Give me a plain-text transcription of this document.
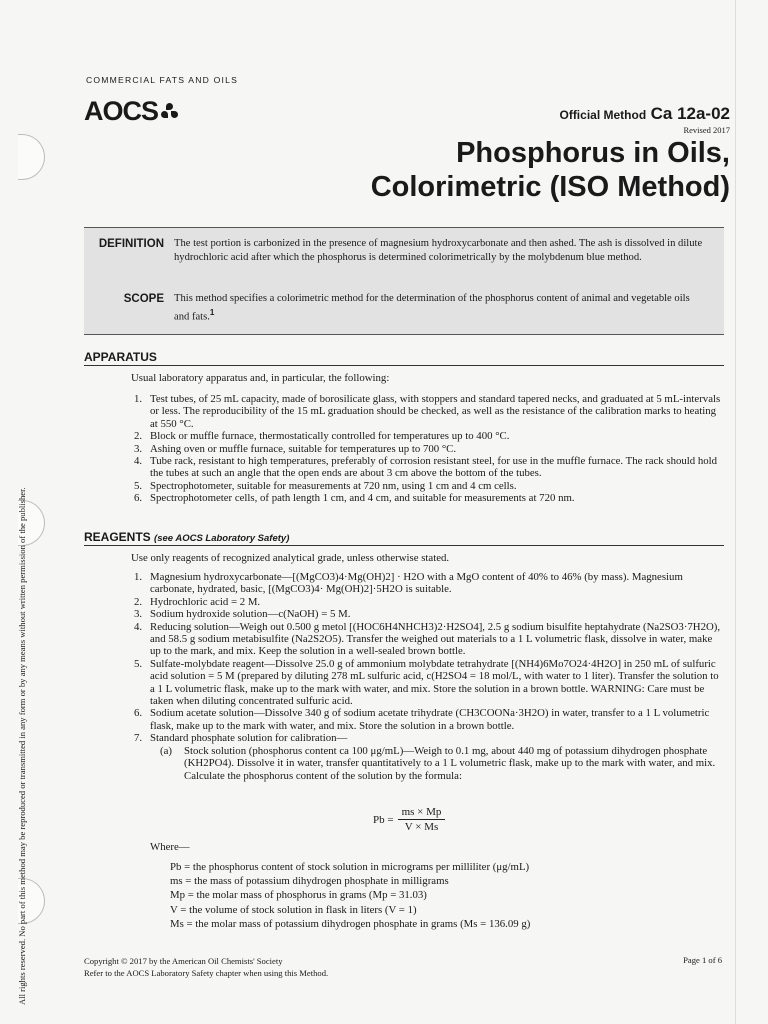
All rights reserved. No part of this method may be reproduced or transmitted in any form or by any means without written permission of the publisher.
COMMERCIAL FATS AND OILS
AOCS	Official Method Ca 12a-02
Revised 2017
Phosphorus in Oils,
Colorimetric (ISO Method)
DEFINITION The test portion is carbonized in the presence of magnesium hydroxycarbonate and then ashed. The ash is dissolved in dilute hydrochloric acid after which the phosphorus is determined colorimetrically by the molybdenum blue method.
SCOPE This method specifies a colorimetric method for the determination of the phosphorus content of animal and vegetable oils and fats.$^1$
APPARATUS
Usual laboratory apparatus and, in particular, the following:
1. Test tubes, of 25 mL capacity, made of borosilicate glass, with stoppers and standard tapered necks, and graduated at 5 mL-intervals or less. The reproducibility of the 15 mL graduation should be checked, as well as the resistance of the calibration marks to heating at 550 °C.
2. Block or muffle furnace, thermostatically controlled for temperatures up to 400 °C.
3. Ashing oven or muffle furnace, suitable for temperatures up to 700 °C.
4. Tube rack, resistant to high temperatures, preferably of corrosion resistant steel, for use in the muffle furnace. The rack should hold the tubes at such an angle that the open ends are about 3 cm above the bottom of the tubes.
5. Spectrophotometer, suitable for measurements at 720 nm, using 1 cm and 4 cm cells.
6. Spectrophotometer cells, of path length 1 cm, and 4 cm, and suitable for measurements at 720 nm.
REAGENTS (see AOCS Laboratory Safety)
Use only reagents of recognized analytical grade, unless otherwise stated.
1. Magnesium hydroxycarbonate—[(MgCO3)4·Mg(OH)2] · H2O with a MgO content of 40% to 46% (by mass). Magnesium carbonate, hydrated, basic, [(MgCO3)4· Mg(OH)2]·5H2O is suitable.
2. Hydrochloric acid = 2 M.
3. Sodium hydroxide solution—c(NaOH) = 5 M.
4. Reducing solution—Weigh out 0.500 g metol [(HOC6H4NHCH3)2·H2SO4], 2.5 g sodium bisulfite heptahydrate (Na2SO3·7H2O), and 58.5 g sodium metabisulfite (Na2S2O5). Transfer the weighed out materials to a 1 L volumetric flask, dissolve in water, make up to the mark, and mix. Keep the solution in a well-sealed brown bottle.
5. Sulfate-molybdate reagent—Dissolve 25.0 g of ammonium molybdate tetrahydrate [(NH4)6Mo7O24·4H2O] in 250 mL of sulfuric acid solution = 5 M (prepared by diluting 278 mL sulfuric acid, c(H2SO4 = 18 mol/L, with water to 1 liter). Transfer the solution to a 1 L volumetric flask, make up to the mark with water, and mix. Store the solution in a brown bottle. WARNING: Care must be taken when diluting concentrated sulfuric acid.
6. Sodium acetate solution—Dissolve 340 g of sodium acetate trihydrate (CH3COONa·3H2O) in water, transfer to a 1 L volumetric flask, make up to the mark with water, and mix. Store the solution in a brown bottle.
7. Standard phosphate solution for calibration—
(a)	Stock solution (phosphorus content ca 100 μg/mL)—Weigh to 0.1 mg, about 440 mg of potassium dihydrogen phosphate (KH2PO4). Dissolve it in water, transfer quantitatively to a 1 L volumetric flask, make up to the mark with water, and mix. Calculate the phosphorus content of the solution by the formula:
$Pb = \frac{ms \times Mp}{V \times Ms}$
Where—
Pb = the phosphorus content of stock solution in micrograms per milliliter (μg/mL)
ms = the mass of potassium dihydrogen phosphate in milligrams
Mp = the molar mass of phosphorus in grams (Mp = 31.03)
V = the volume of stock solution in flask in liters (V = 1)
Ms = the molar mass of potassium dihydrogen phosphate in grams (Ms = 136.09 g)
Copyright © 2017 by the American Oil Chemists' Society
Refer to the AOCS Laboratory Safety chapter when using this Method.
Page 1 of 6
